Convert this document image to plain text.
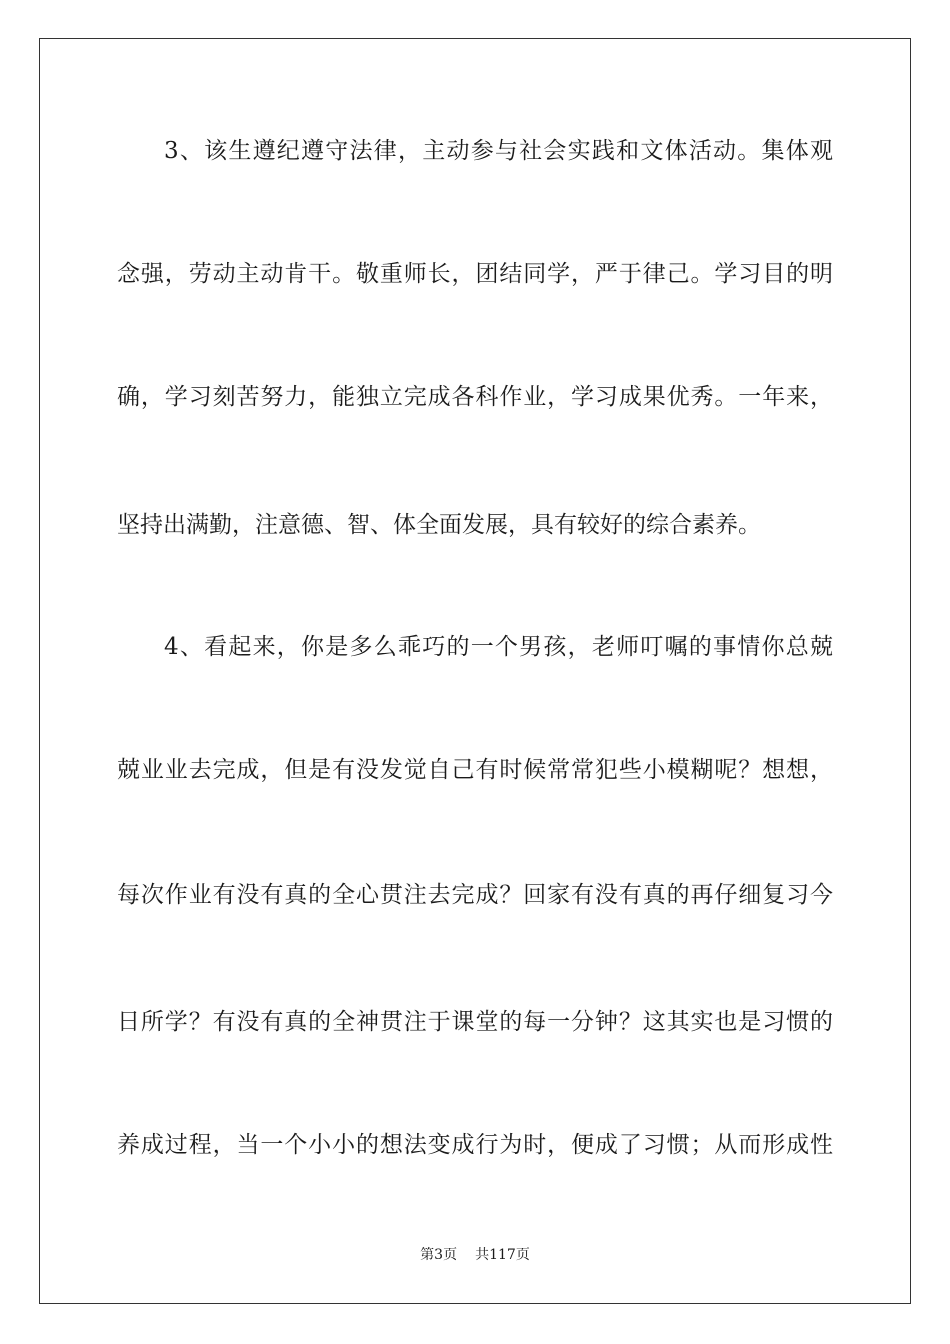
3、该生遵纪遵守法律，主动参与社会实践和文体活动。集体观
念强，劳动主动肯干。敬重师长，团结同学，严于律己。学习目的明
确，学习刻苦努力，能独立完成各科作业，学习成果优秀。一年来，
坚持出满勤，注意德、智、体全面发展，具有较好的综合素养。
4、看起来，你是多么乖巧的一个男孩，老师叮嘱的事情你总兢
兢业业去完成，但是有没发觉自己有时候常常犯些小模糊呢？想想，
每次作业有没有真的全心贯注去完成？回家有没有真的再仔细复习今
日所学？有没有真的全神贯注于课堂的每一分钟？这其实也是习惯的
养成过程，当一个小小的想法变成行为时，便成了习惯；从而形成性
第3页 共117页
